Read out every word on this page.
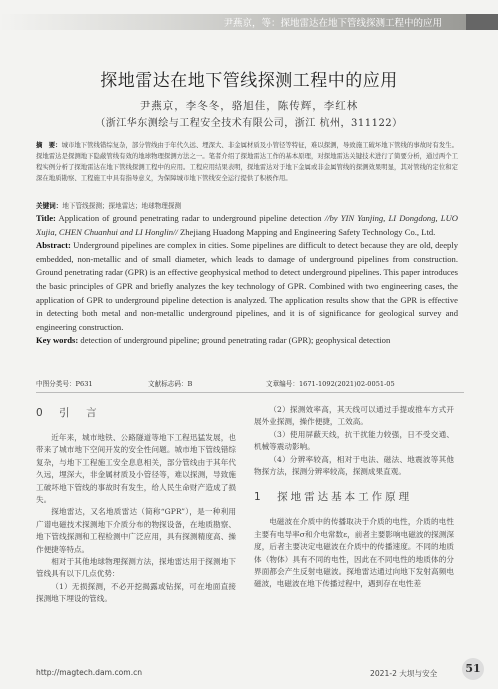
尹燕京，等：探地雷达在地下管线探测工程中的应用
探地雷达在地下管线探测工程中的应用
尹燕京，李冬冬，骆旭佳，陈传辉，李红林
（浙江华东测绘与工程安全技术有限公司，浙江 杭州，311122）
摘　要：城市地下管线错综复杂，部分管线由于年代久远、埋深大、非金属材质及小管径等特征，难以探测，导致施工破坏地下管线的事故时有发生。探地雷达是探测地下隐蔽管线有效的地球物理探测方法之一。笔者介绍了探地雷达工作的基本原理，对探地雷达关键技术进行了简要分析，通过两个工程实例分析了探地雷达在地下管线探测工程中的应用。工程应用结果表明，探地雷达对于地下金属或非金属管线的探测效果明显，其对管线的定位和定深在地质勘察、工程施工中具有指导意义，为保障城市地下管线安全运行提供了积极作用。
关键词：地下管线探测；探地雷达；地球物理探测
Title: Application of ground penetrating radar to underground pipeline detection //by YIN Yanjing, LI Dongdong, LUO Xujia, CHEN Chuanhui and LI Honglin// Zhejiang Huadong Mapping and Engineering Safety Technology Co., Ltd.
Abstract: Underground pipelines are complex in cities. Some pipelines are difficult to detect because they are old, deeply embedded, non-metallic and of small diameter, which leads to damage of underground pipelines from construction. Ground penetrating radar (GPR) is an effective geophysical method to detect underground pipelines. This paper introduces the basic principles of GPR and briefly analyzes the key technology of GPR. Combined with two engineering cases, the application of GPR to underground pipeline detection is analyzed. The application results show that the GPR is effective in detecting both metal and non-metallic underground pipelines, and it is of significance for geological survey and engineering construction.
Key words: detection of underground pipeline; ground penetrating radar (GPR); geophysical detection
中图分类号：P631	文献标志码：B	文章编号：1671-1092(2021)02-0051-05
0　引　言

近年来，城市地铁、公路隧道等地下工程迅猛发展，也带来了城市地下空间开发的安全性问题。城市地下管线错综复杂，与地下工程施工安全息息相关，部分管线由于其年代久远，埋深大，非金属材质及小管径等，难以探测，导致施工破坏地下管线的事故时有发生，给人民生命财产造成了损失。

探地雷达，又名地质雷达（简称“GPR”），是一种利用广谱电磁技术探测地下介质分布的物探设备，在地质勘察、地下管线探测和工程检测中广泛应用，具有探测精度高、操作便捷等特点。

相对于其他地球物理探测方法，探地雷达用于探测地下管线具有以下几点优势：

（1）无损探测，不必开挖揭露或钻探，可在地面直接探测地下埋设的管线。

（2）探测效率高，其天线可以通过手提或推车方式开展外业探测，操作便捷，工效高。

（3）使用屏蔽天线，抗干扰能力较强，日不受交通、机械等震动影响。

（4）分辨率较高，相对于电法、磁法、地震波等其他物探方法，探测分辨率较高，探测成果直观。

1　探地雷达基本工作原理

电磁波在介质中的传播取决于介质的电性，介质的电性主要有电导率σ和介电常数ε，前者主要影响电磁波的探测深度，后者主要决定电磁波在介质中的传播速度。不同的地质体（物体）具有不同的电性，因此在不同电性的地质体的分界面都会产生反射电磁波。探地雷达通过向地下发射高频电磁波，电磁波在地下传播过程中，遇到存在电性差

http://magtech.dam.com.cn	2021-2 大坝与安全	51
